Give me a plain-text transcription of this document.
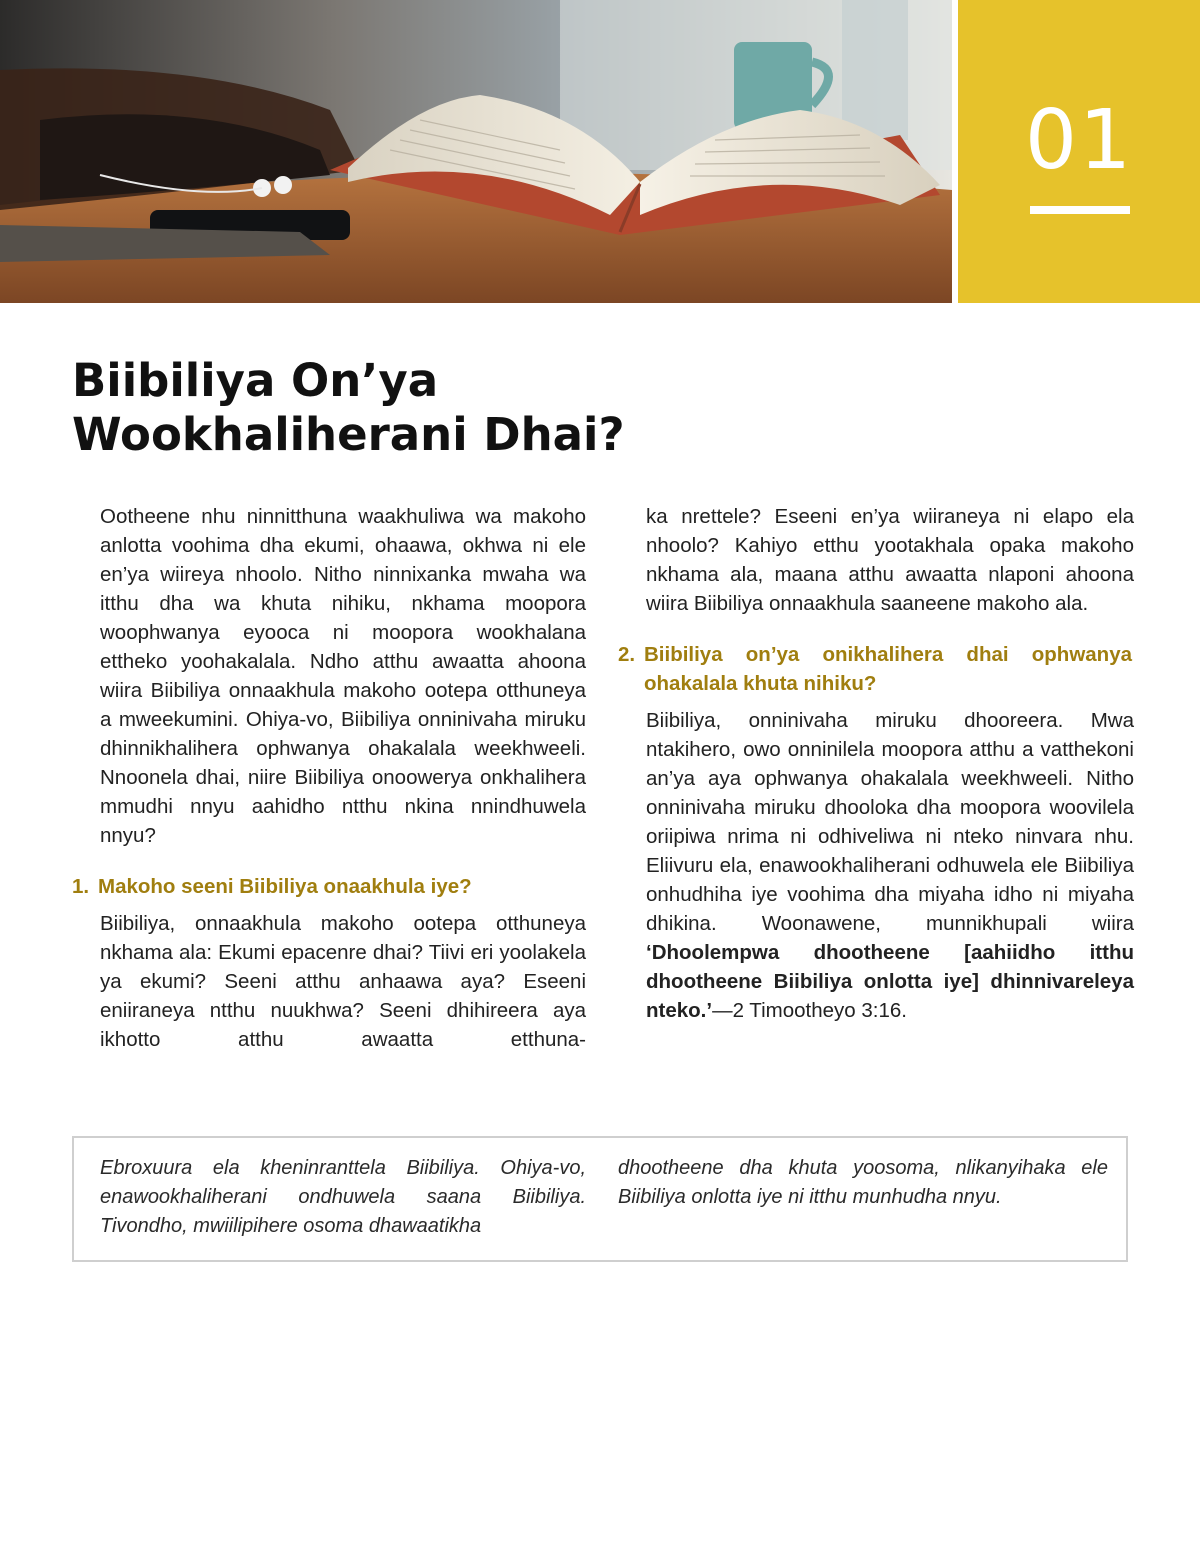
01
Biibiliya On’ya
Wookhaliherani Dhai?

Ootheene nhu ninnitthuna waakhuliwa wa makoho anlotta voohima dha ekumi, ohaawa, okhwa ni ele en’ya wiireya nhoolo. Nitho ninnixanka mwaha wa itthu dha wa khuta nihiku, nkhama moopora woophwanya eyooca ni moopora wookhalana ettheko yoohakalala. Ndho atthu awaatta ahoona wiira Biibiliya onnaakhula makoho ootepa otthuneya a mweekumini. Ohiya-vo, Biibiliya onninivaha miruku dhinnikhalihera ophwanya ohakalala weekhweeli. Nnoonela dhai, niire Biibiliya onoowerya onkhalihera mmudhi nnyu aahidho ntthu nkina nnindhuwela nnyu?

1. Makoho seeni Biibiliya onaakhula iye?

Biibiliya, onnaakhula makoho ootepa otthuneya nkhama ala: Ekumi epacenre dhai? Tiivi eri yoolakela ya ekumi? Seeni atthu anhaawa aya? Eseeni eniiraneya ntthu nuukhwa? Seeni dhihireera aya ikhotto atthu awaatta etthuna-

ka nrettele? Eseeni en’ya wiiraneya ni elapo ela nhoolo? Kahiyo etthu yootakhala opaka makoho nkhama ala, maana atthu awaatta nlaponi ahoona wiira Biibiliya onnaakhula saaneene makoho ala.

2. Biibiliya on’ya onikhalihera dhai ophwanya ohakalala khuta nihiku?

Biibiliya, onninivaha miruku dhooreera. Mwa ntakihero, owo onninilela moopora atthu a vatthekoni an’ya aya ophwanya ohakalala weekhweeli. Nitho onninivaha miruku dhooloka dha moopora woovilela oriipiwa nrima ni odhiveliwa ni nteko ninvara nhu. Eliivuru ela, enawookhaliherani odhuwela ele Biibiliya onhudhiha iye voohima dha miyaha idho ni miyaha dhikina. Woonawene, munnikhupali wiira ‘Dhoolempwa dhootheene [aahiidho itthu dhootheene Biibiliya onlotta iye] dhinnivareleya nteko.’—2 Timootheyo 3:16.

Ebroxuura ela kheninranttela Biibiliya. Ohiya-vo, enawookhaliherani ondhuwela saana Biibiliya. Tivondho, mwiilipihere osoma dhawaatikha
dhootheene dha khuta yoosoma, nlikanyihaka ele Biibiliya onlotta iye ni itthu munhudha nnyu.
